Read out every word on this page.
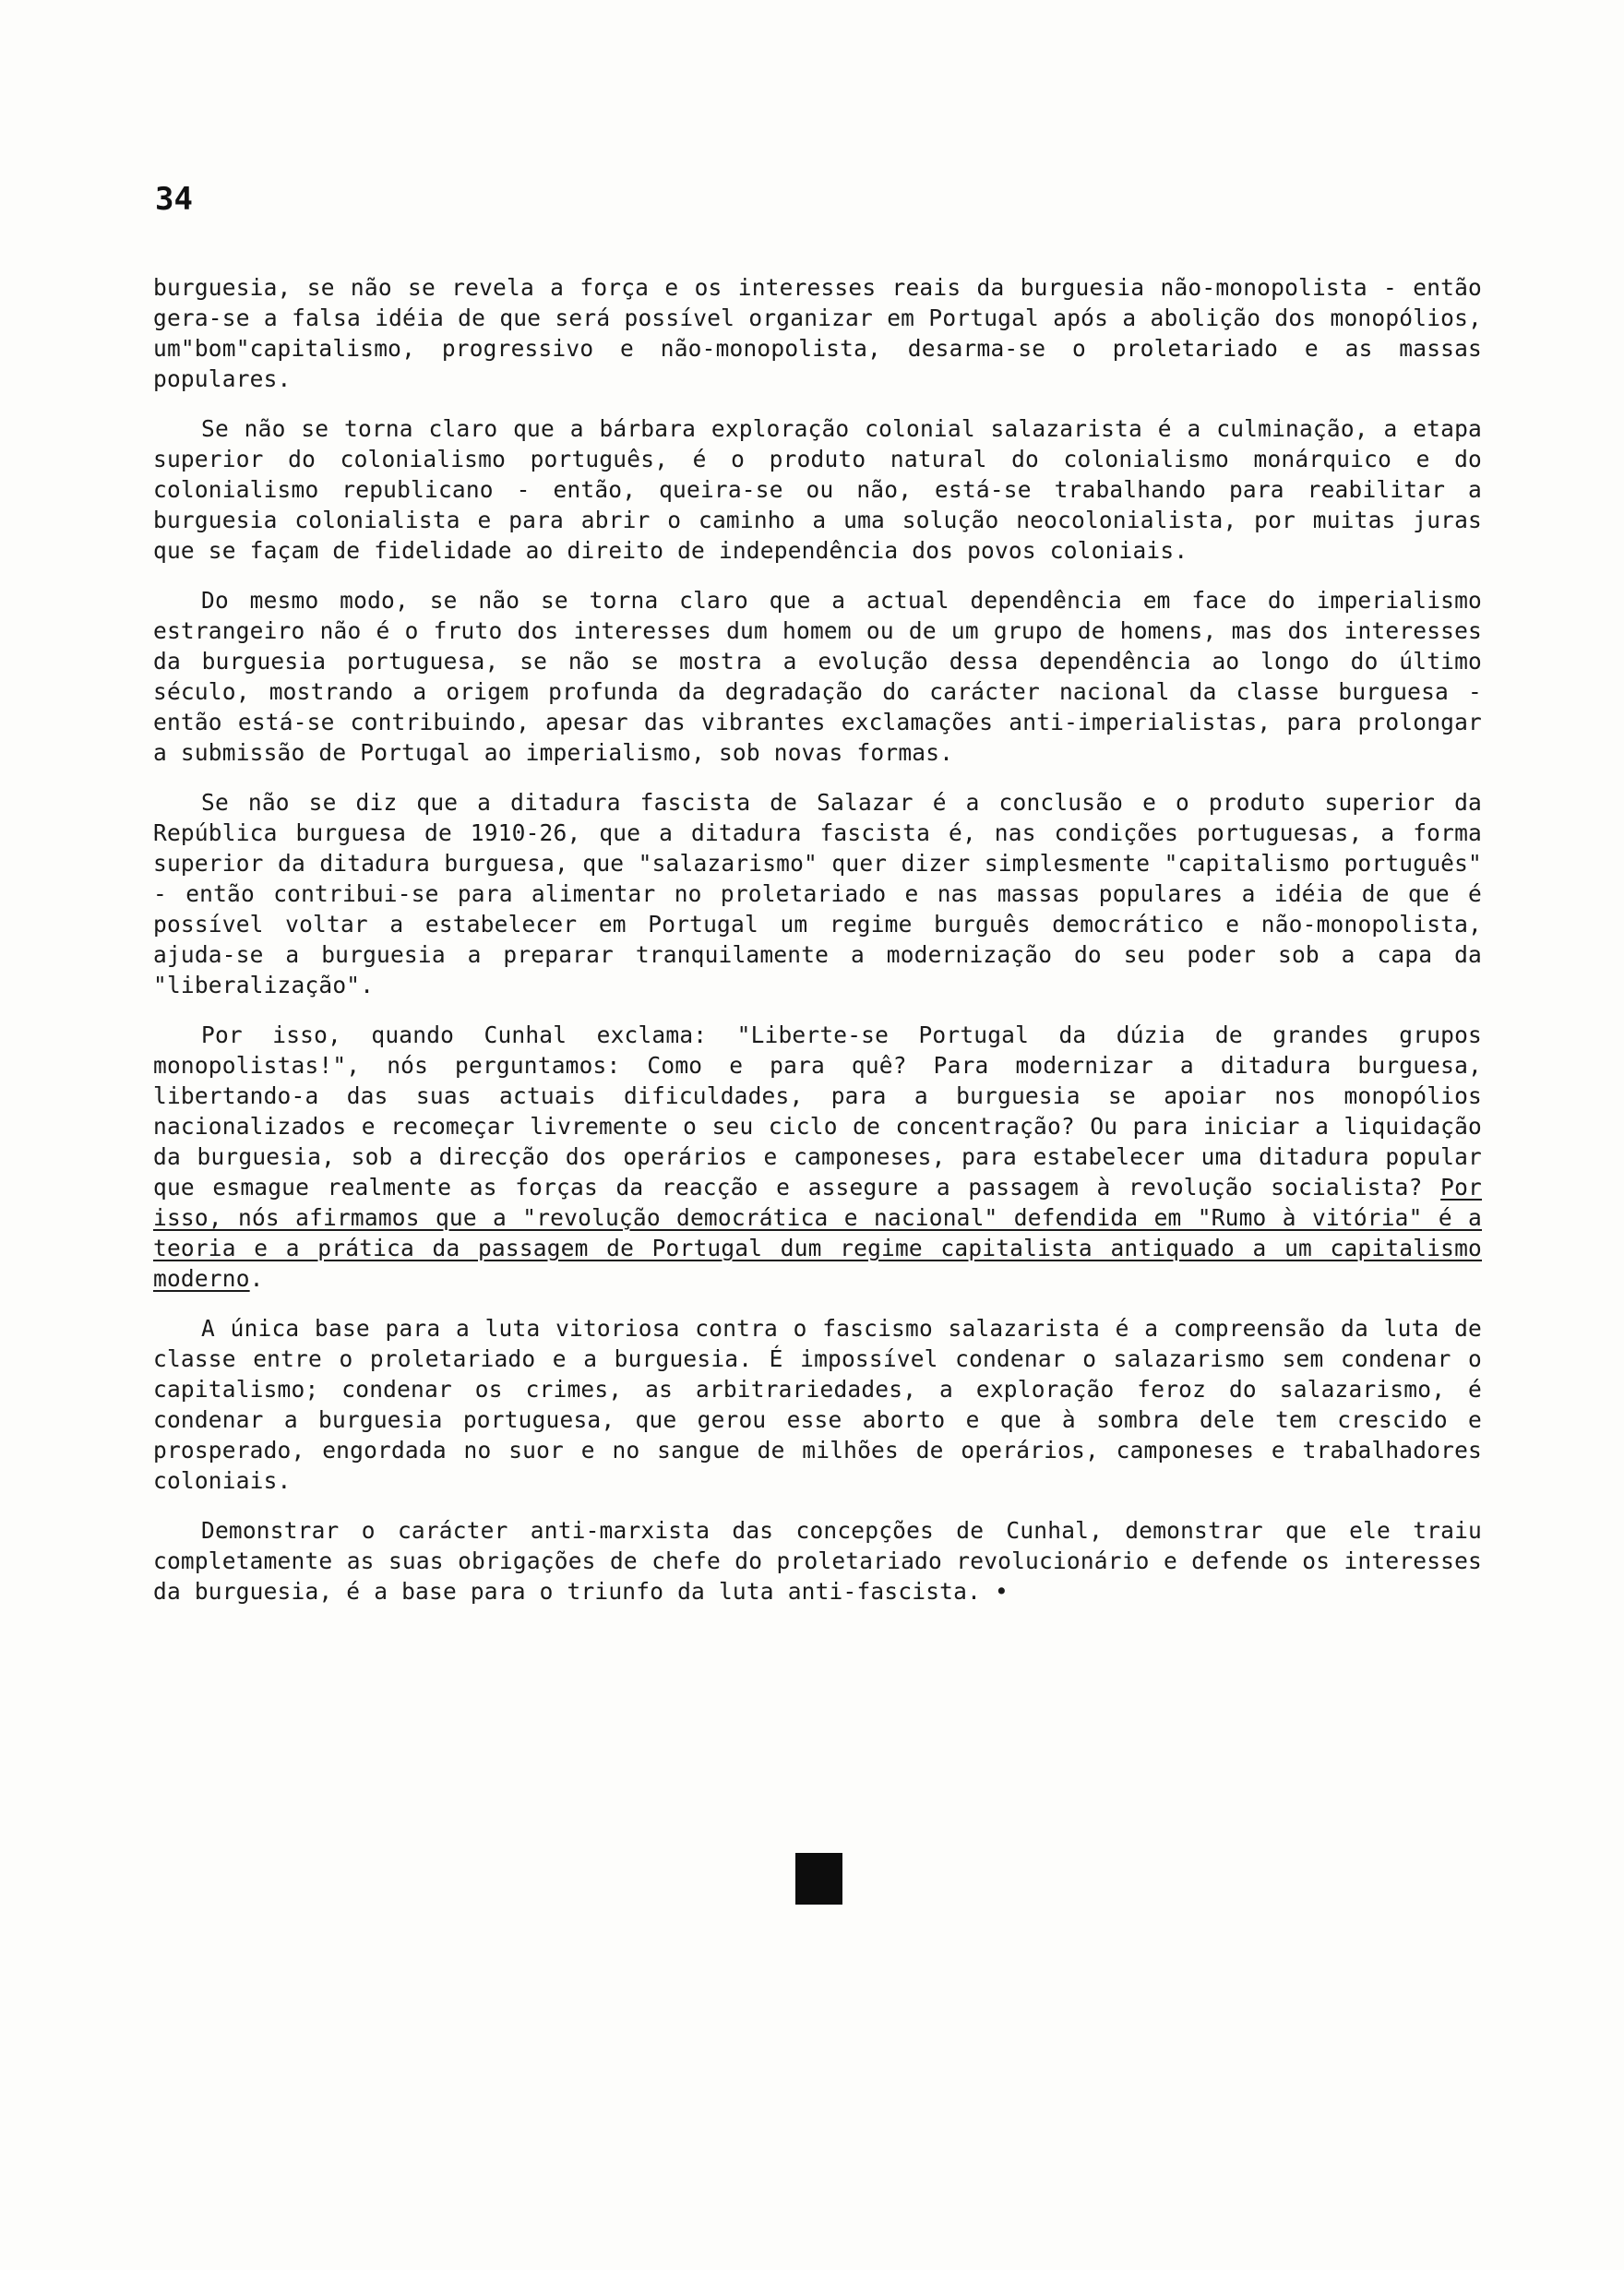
34

burguesia, se não se revela a força e os interesses reais da burguesia não-monopolista - então gera-se a falsa idéia de que será possível organizar em Portugal após a abolição dos monopólios, um"bom"capitalismo, progressivo e não-monopolista, desarma-se o proletariado e as massas populares.

Se não se torna claro que a bárbara exploração colonial salazarista é a culminação, a etapa superior do colonialismo português, é o produto natural do colonialismo monárquico e do colonialismo republicano - então, queira-se ou não, está-se trabalhando para reabilitar a burguesia colonialista e para abrir o caminho a uma solução neocolonialista, por muitas juras que se façam de fidelidade ao direito de independência dos povos coloniais.

Do mesmo modo, se não se torna claro que a actual dependência em face do imperialismo estrangeiro não é o fruto dos interesses dum homem ou de um grupo de homens, mas dos interesses da burguesia portuguesa, se não se mostra a evolução dessa dependência ao longo do último século, mostrando a origem profunda da degradação do carácter nacional da classe burguesa - então está-se contribuindo, apesar das vibrantes exclamações anti-imperialistas, para prolongar a submissão de Portugal ao imperialismo, sob novas formas.

Se não se diz que a ditadura fascista de Salazar é a conclusão e o produto superior da República burguesa de 1910-26, que a ditadura fascista é, nas condições portuguesas, a forma superior da ditadura burguesa, que "salazarismo" quer dizer simplesmente "capitalismo português" - então contribui-se para alimentar no proletariado e nas massas populares a idéia de que é possível voltar a estabelecer em Portugal um regime burguês democrático e não-monopolista, ajuda-se a burguesia a preparar tranquilamente a modernização do seu poder sob a capa da "liberalização".

Por isso, quando Cunhal exclama: "Liberte-se Portugal da dúzia de grandes grupos monopolistas!", nós perguntamos: Como e para quê? Para modernizar a ditadura burguesa, libertando-a das suas actuais dificuldades, para a burguesia se apoiar nos monopólios nacionalizados e recomeçar livremente o seu ciclo de concentração? Ou para iniciar a liquidação da burguesia, sob a direcção dos operários e camponeses, para estabelecer uma ditadura popular que esmague realmente as forças da reacção e assegure a passagem à revolução socialista? Por isso, nós afirmamos que a "revolução democrática e nacional" defendida em "Rumo à vitória" é a teoria e a prática da passagem de Portugal dum regime capitalista antiquado a um capitalismo moderno.

A única base para a luta vitoriosa contra o fascismo salazarista é a compreensão da luta de classe entre o proletariado e a burguesia. É impossível condenar o salazarismo sem condenar o capitalismo; condenar os crimes, as arbitrariedades, a exploração feroz do salazarismo, é condenar a burguesia portuguesa, que gerou esse aborto e que à sombra dele tem crescido e prosperado, engordada no suor e no sangue de milhões de operários, camponeses e trabalhadores coloniais.

Demonstrar o carácter anti-marxista das concepções de Cunhal, demonstrar que ele traiu completamente as suas obrigações de chefe do proletariado revolucionário e defende os interesses da burguesia, é a base para o triunfo da luta anti-fascista. •
